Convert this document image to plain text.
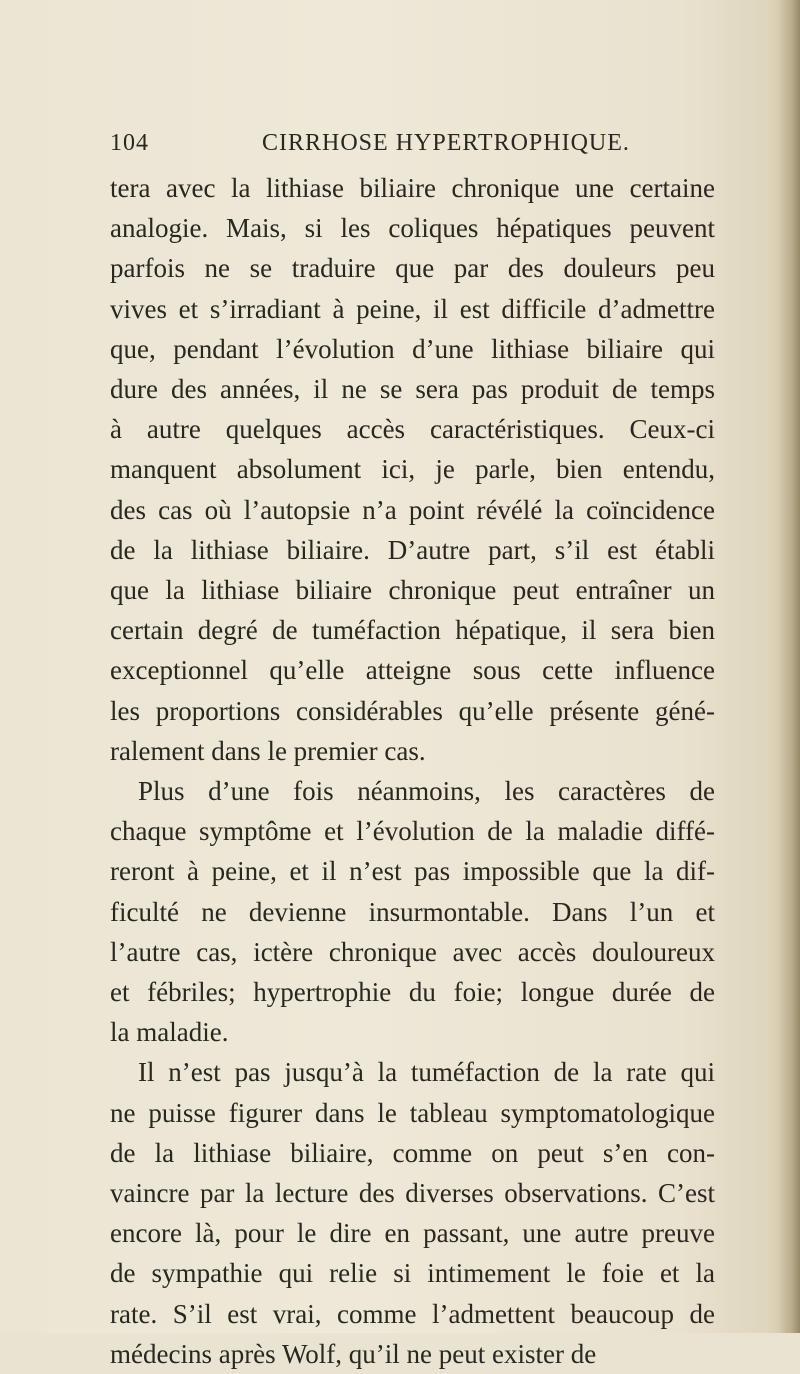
104	CIRRHOSE HYPERTROPHIQUE.
tera avec la lithiase biliaire chronique une certaine
analogie. Mais, si les coliques hépatiques peuvent
parfois ne se traduire que par des douleurs peu
vives et s’irradiant à peine, il est difficile d’admettre
que, pendant l’évolution d’une lithiase biliaire qui
dure des années, il ne se sera pas produit de temps
à autre quelques accès caractéristiques. Ceux-ci
manquent absolument ici, je parle, bien entendu,
des cas où l’autopsie n’a point révélé la coïncidence
de la lithiase biliaire. D’autre part, s’il est établi
que la lithiase biliaire chronique peut entraîner un
certain degré de tuméfaction hépatique, il sera bien
exceptionnel qu’elle atteigne sous cette influence
les proportions considérables qu’elle présente géné-
ralement dans le premier cas.
Plus d’une fois néanmoins, les caractères de
chaque symptôme et l’évolution de la maladie diffé-
reront à peine, et il n’est pas impossible que la dif-
ficulté ne devienne insurmontable. Dans l’un et
l’autre cas, ictère chronique avec accès douloureux
et fébriles; hypertrophie du foie; longue durée de
la maladie.
Il n’est pas jusqu’à la tuméfaction de la rate qui
ne puisse figurer dans le tableau symptomatologique
de la lithiase biliaire, comme on peut s’en con-
vaincre par la lecture des diverses observations. C’est
encore là, pour le dire en passant, une autre preuve
de sympathie qui relie si intimement le foie et la
rate. S’il est vrai, comme l’admettent beaucoup de
médecins après Wolf, qu’il ne peut exister de
